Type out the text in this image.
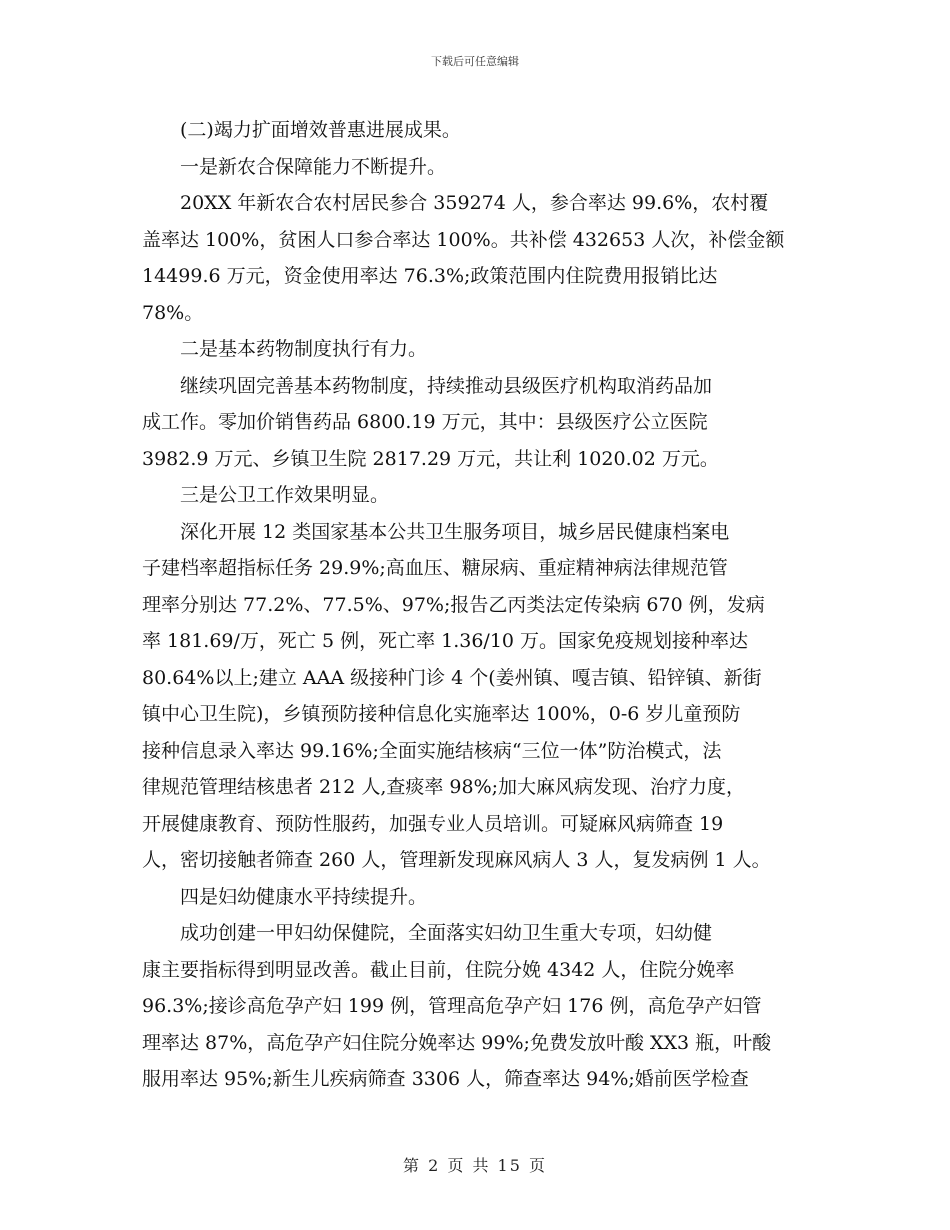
下载后可任意编辑
(二)竭力扩面增效普惠进展成果。
一是新农合保障能力不断提升。
20XX 年新农合农村居民参合 359274 人，参合率达 99.6%，农村覆
盖率达 100%，贫困人口参合率达 100%。共补偿 432653 人次，补偿金额
14499.6 万元，资金使用率达 76.3%;政策范围内住院费用报销比达
78%。
二是基本药物制度执行有力。
继续巩固完善基本药物制度，持续推动县级医疗机构取消药品加
成工作。零加价销售药品 6800.19 万元，其中：县级医疗公立医院
3982.9 万元、乡镇卫生院 2817.29 万元，共让利 1020.02 万元。
三是公卫工作效果明显。
深化开展 12 类国家基本公共卫生服务项目，城乡居民健康档案电
子建档率超指标任务 29.9%;高血压、糖尿病、重症精神病法律规范管
理率分别达 77.2%、77.5%、97%;报告乙丙类法定传染病 670 例，发病
率 181.69/万，死亡 5 例，死亡率 1.36/10 万。国家免疫规划接种率达
80.64%以上;建立 AAA 级接种门诊 4 个(姜州镇、嘎吉镇、铅锌镇、新街
镇中心卫生院)，乡镇预防接种信息化实施率达 100%，0-6 岁儿童预防
接种信息录入率达 99.16%;全面实施结核病“三位一体”防治模式，法
律规范管理结核患者 212 人,查痰率 98%;加大麻风病发现、治疗力度，
开展健康教育、预防性服药，加强专业人员培训。可疑麻风病筛查 19
人，密切接触者筛查 260 人，管理新发现麻风病人 3 人，复发病例 1 人。
四是妇幼健康水平持续提升。
成功创建一甲妇幼保健院，全面落实妇幼卫生重大专项，妇幼健
康主要指标得到明显改善。截止目前，住院分娩 4342 人，住院分娩率
96.3%;接诊高危孕产妇 199 例，管理高危孕产妇 176 例，高危孕产妇管
理率达 87%，高危孕产妇住院分娩率达 99%;免费发放叶酸 XX3 瓶，叶酸
服用率达 95%;新生儿疾病筛查 3306 人，筛查率达 94%;婚前医学检查
第 2 页 共 15 页
